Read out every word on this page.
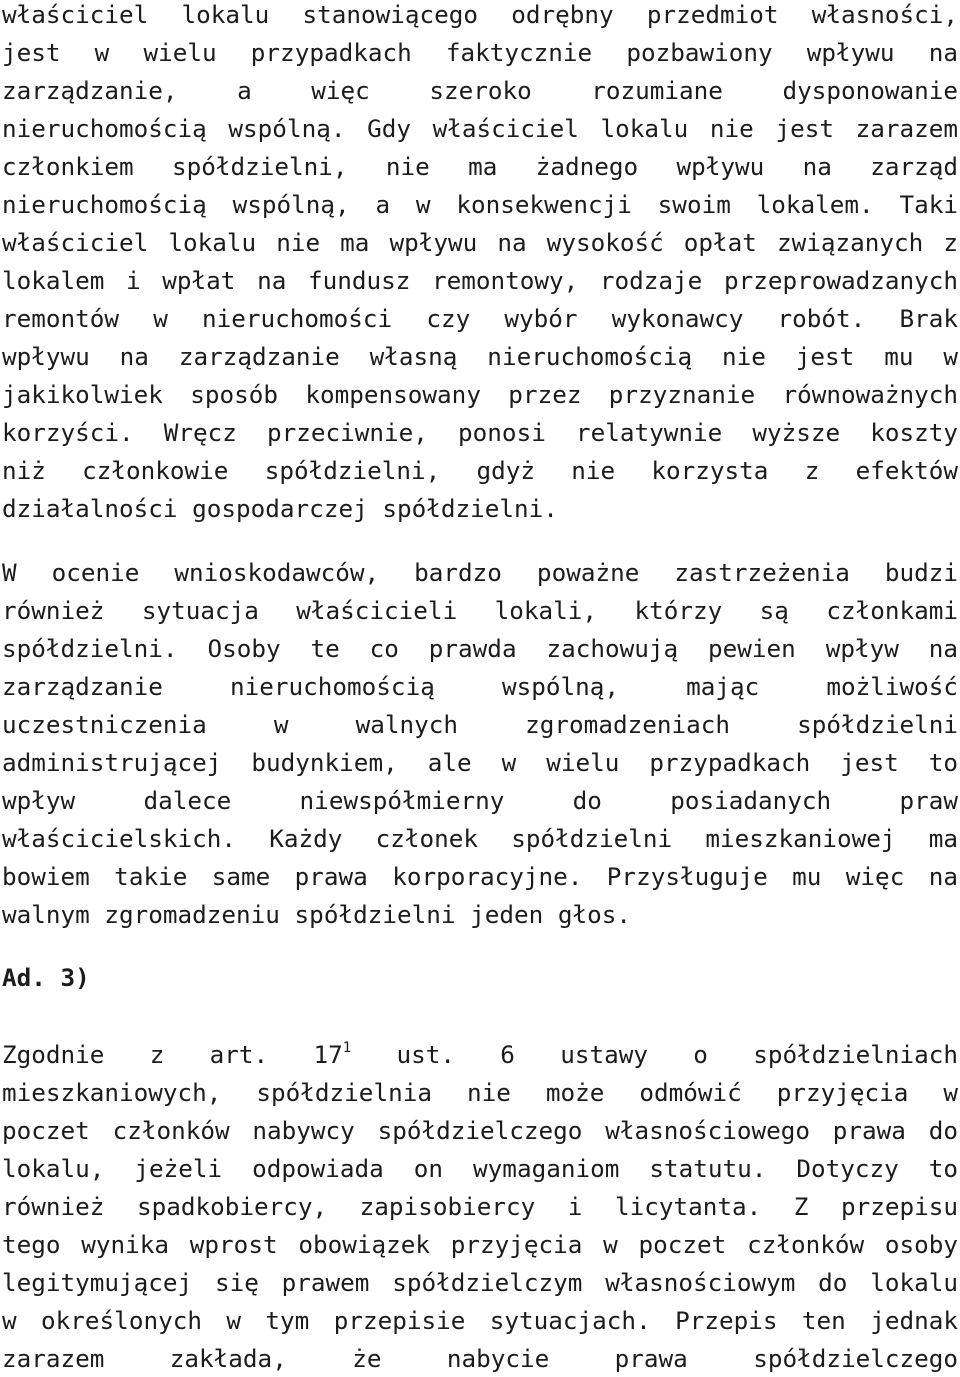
właściciel lokalu stanowiącego odrębny przedmiot własności,
jest w wielu przypadkach faktycznie pozbawiony wpływu na
zarządzanie, a więc szeroko rozumiane dysponowanie
nieruchomością wspólną. Gdy właściciel lokalu nie jest zarazem
członkiem spółdzielni, nie ma żadnego wpływu na zarząd
nieruchomością wspólną, a w konsekwencji swoim lokalem. Taki
właściciel lokalu nie ma wpływu na wysokość opłat związanych z
lokalem i wpłat na fundusz remontowy, rodzaje przeprowadzanych
remontów w nieruchomości czy wybór wykonawcy robót. Brak
wpływu na zarządzanie własną nieruchomością nie jest mu w
jakikolwiek sposób kompensowany przez przyznanie równoważnych
korzyści. Wręcz przeciwnie, ponosi relatywnie wyższe koszty
niż członkowie spółdzielni, gdyż nie korzysta z efektów
działalności gospodarczej spółdzielni.
W ocenie wnioskodawców, bardzo poważne zastrzeżenia budzi
również sytuacja właścicieli lokali, którzy są członkami
spółdzielni. Osoby te co prawda zachowują pewien wpływ na
zarządzanie nieruchomością wspólną, mając możliwość
uczestniczenia w walnych zgromadzeniach spółdzielni
administrującej budynkiem, ale w wielu przypadkach jest to
wpływ dalece niewspółmierny do posiadanych praw
właścicielskich. Każdy członek spółdzielni mieszkaniowej ma
bowiem takie same prawa korporacyjne. Przysługuje mu więc na
walnym zgromadzeniu spółdzielni jeden głos.
Ad. 3)
Zgodnie z art. $17^1$ ust. 6 ustawy o spółdzielniach
mieszkaniowych, spółdzielnia nie może odmówić przyjęcia w
poczet członków nabywcy spółdzielczego własnościowego prawa do
lokalu, jeżeli odpowiada on wymaganiom statutu. Dotyczy to
również spadkobiercy, zapisobiercy i licytanta. Z przepisu
tego wynika wprost obowiązek przyjęcia w poczet członków osoby
legitymującej się prawem spółdzielczym własnościowym do lokalu
w określonych w tym przepisie sytuacjach. Przepis ten jednak
zarazem zakłada, że nabycie prawa spółdzielczego
